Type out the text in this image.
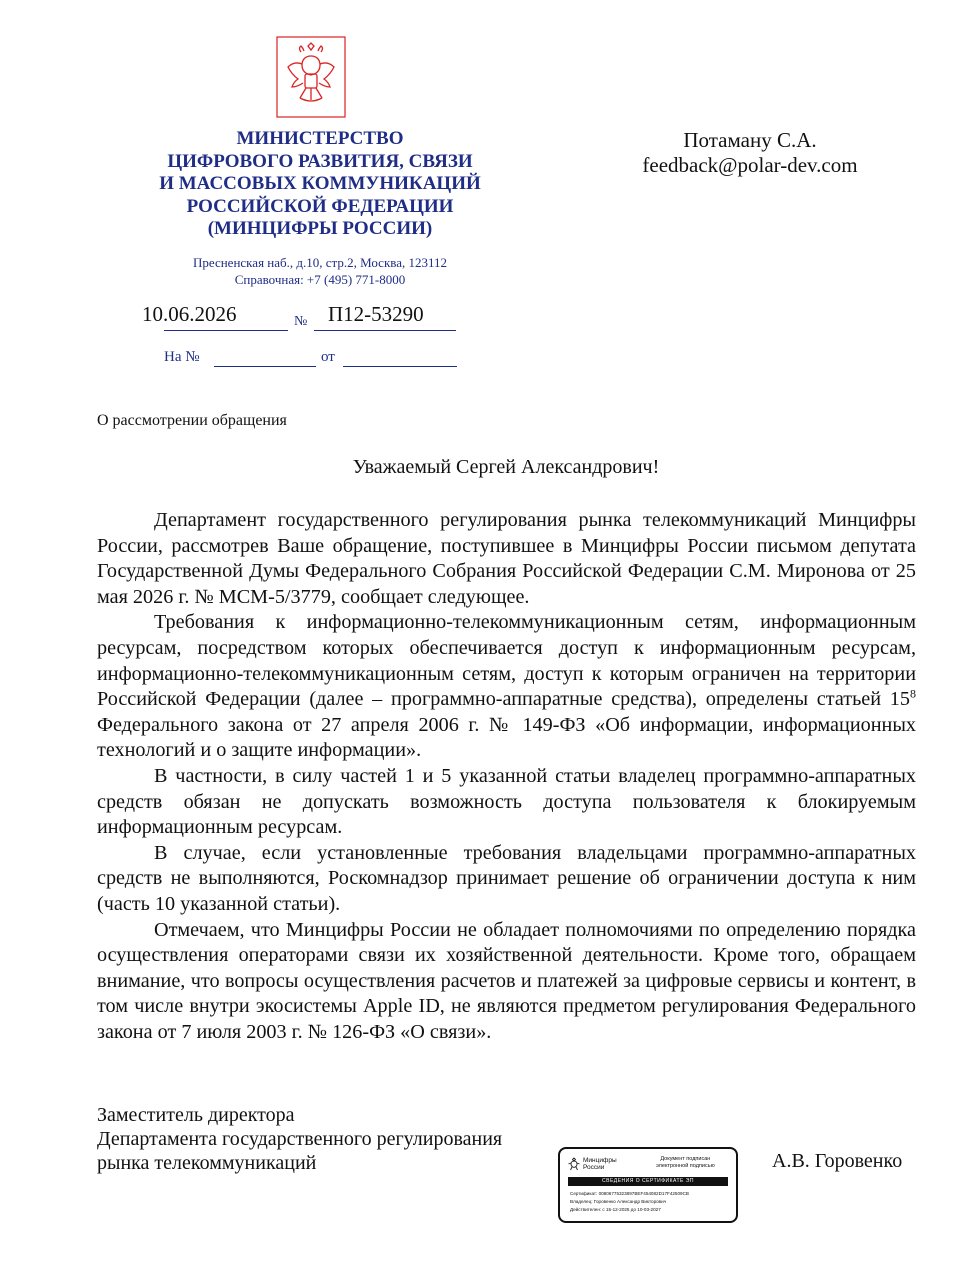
МИНИСТЕРСТВО
ЦИФРОВОГО РАЗВИТИЯ, СВЯЗИ
И МАССОВЫХ КОММУНИКАЦИЙ
РОССИЙСКОЙ ФЕДЕРАЦИИ
(МИНЦИФРЫ РОССИИ)
Пресненская наб., д.10, стр.2, Москва, 123112
Справочная: +7 (495) 771-8000
Потаману С.А.
feedback@polar-dev.com
10.06.2026	№ П12-53290
На №	от
О рассмотрении обращения
Уважаемый Сергей Александрович!

Департамент государственного регулирования рынка телекоммуникаций Минцифры России, рассмотрев Ваше обращение, поступившее в Минцифры России письмом депутата Государственной Думы Федерального Собрания Российской Федерации С.М. Миронова от 25 мая 2026 г. № МСМ-5/3779, сообщает следующее.

Требования к информационно-телекоммуникационным сетям, информационным ресурсам, посредством которых обеспечивается доступ к информационным ресурсам, информационно-телекоммуникационным сетям, доступ к которым ограничен на территории Российской Федерации (далее – программно-аппаратные средства), определены статьей $15^8$ Федерального закона от 27 апреля 2006 г. № 149-ФЗ «Об информации, информационных технологий и о защите информации».

В частности, в силу частей 1 и 5 указанной статьи владелец программно-аппаратных средств обязан не допускать возможность доступа пользователя к блокируемым информационным ресурсам.

В случае, если установленные требования владельцами программно-аппаратных средств не выполняются, Роскомнадзор принимает решение об ограничении доступа к ним (часть 10 указанной статьи).

Отмечаем, что Минцифры России не обладает полномочиями по определению порядка осуществления операторами связи их хозяйственной деятельности. Кроме того, обращаем внимание, что вопросы осуществления расчетов и платежей за цифровые сервисы и контент, в том числе внутри экосистемы Apple ID, не являются предметом регулирования Федерального закона от 7 июля 2003 г. № 126-ФЗ «О связи».

Заместитель директора
Департамента государственного регулирования
рынка телекоммуникаций	А.В. Горовенко
Минцифры
России
Документ подписан
электронной подписью
СВЕДЕНИЯ О СЕРТИФИКАТЕ ЭП
Сертификат: 00806775323897BEF454082D17F42509CB
Владелец: Горовенко Александр Викторович
Действителен: с 15-12-2025 до 10-03-2027
